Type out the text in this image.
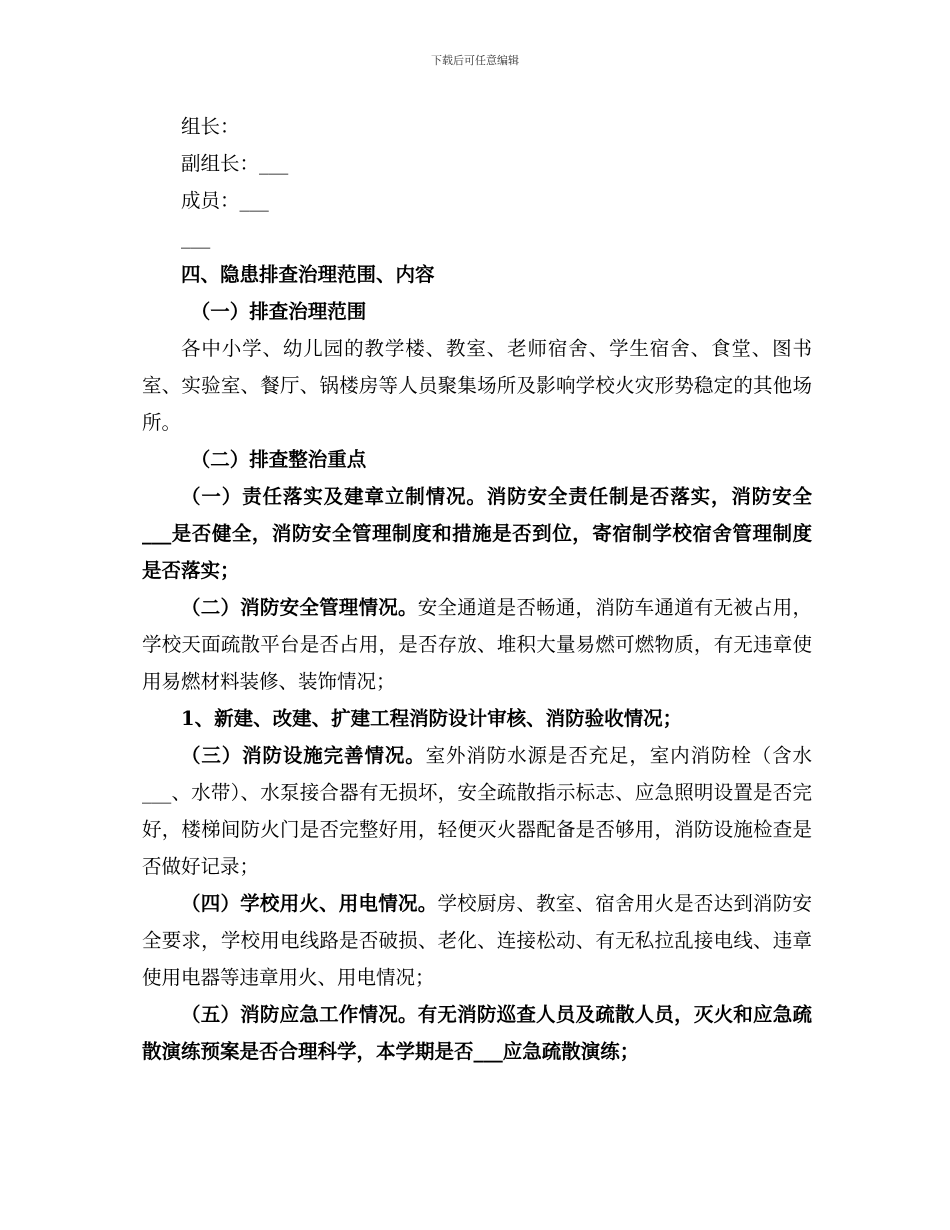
下载后可任意编辑

组长：

副组长：___

成员：___

___

四、隐患排查治理范围、内容

（一）排查治理范围

各中小学、幼儿园的教学楼、教室、老师宿舍、学生宿舍、食堂、图书室、实验室、餐厅、锅楼房等人员聚集场所及影响学校火灾形势稳定的其他场所。

（二）排查整治重点

（一）责任落实及建章立制情况。消防安全责任制是否落实，消防安全___是否健全，消防安全管理制度和措施是否到位，寄宿制学校宿舍管理制度是否落实；

（二）消防安全管理情况。安全通道是否畅通，消防车通道有无被占用，学校天面疏散平台是否占用，是否存放、堆积大量易燃可燃物质，有无违章使用易燃材料装修、装饰情况；

1、新建、改建、扩建工程消防设计审核、消防验收情况；

（三）消防设施完善情况。室外消防水源是否充足，室内消防栓（含水___、水带）、水泵接合器有无损坏，安全疏散指示标志、应急照明设置是否完好，楼梯间防火门是否完整好用，轻便灭火器配备是否够用，消防设施检查是否做好记录；

（四）学校用火、用电情况。学校厨房、教室、宿舍用火是否达到消防安全要求，学校用电线路是否破损、老化、连接松动、有无私拉乱接电线、违章使用电器等违章用火、用电情况；

（五）消防应急工作情况。有无消防巡查人员及疏散人员，灭火和应急疏散演练预案是否合理科学，本学期是否___应急疏散演练；
